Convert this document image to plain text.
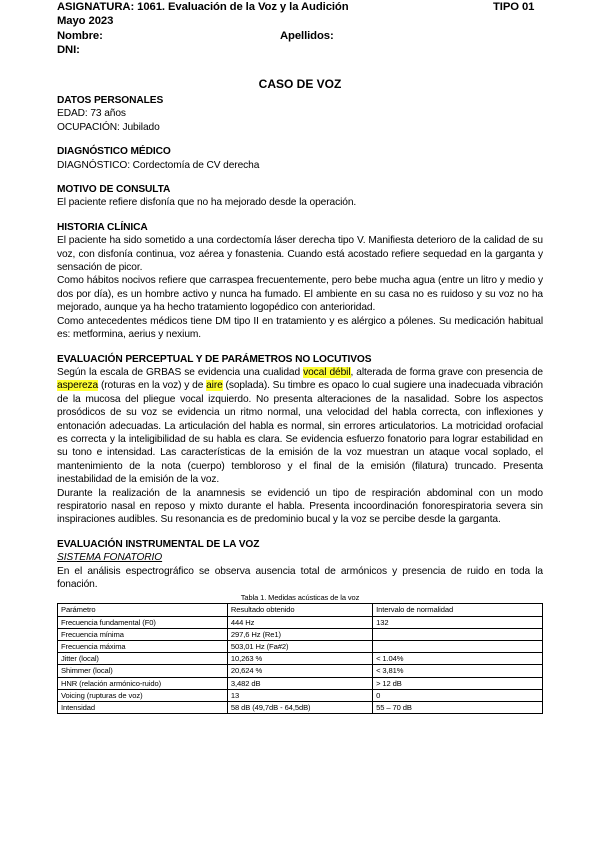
ASIGNATURA: 1061. Evaluación de la Voz y la Audición	TIPO 01
Mayo 2023
Nombre:	Apellidos:
DNI:
CASO DE VOZ
DATOS PERSONALES

EDAD: 73 años

OCUPACIÓN: Jubilado

DIAGNÓSTICO MÉDICO

DIAGNÓSTICO: Cordectomía de CV derecha

MOTIVO DE CONSULTA

El paciente refiere disfonía que no ha mejorado desde la operación.

HISTORIA CLÍNICA

El paciente ha sido sometido a una cordectomía láser derecha tipo V. Manifiesta deterioro de la calidad de su voz, con disfonía continua, voz aérea y fonastenia. Cuando está acostado refiere sequedad en la garganta y sensación de picor.

Como hábitos nocivos refiere que carraspea frecuentemente, pero bebe mucha agua (entre un litro y medio y dos por día), es un hombre activo y nunca ha fumado. El ambiente en su casa no es ruidoso y su voz no ha mejorado, aunque ya ha hecho tratamiento logopédico con anterioridad.

Como antecedentes médicos tiene DM tipo II en tratamiento y es alérgico a pólenes. Su medicación habitual es: metformina, aerius y nexium.

EVALUACIÓN PERCEPTUAL Y DE PARÁMETROS NO LOCUTIVOS

Según la escala de GRBAS se evidencia una cualidad vocal débil, alterada de forma grave con presencia de aspereza (roturas en la voz) y de aire (soplada). Su timbre es opaco lo cual sugiere una inadecuada vibración de la mucosa del pliegue vocal izquierdo. No presenta alteraciones de la nasalidad. Sobre los aspectos prosódicos de su voz se evidencia un ritmo normal, una velocidad del habla correcta, con inflexiones y entonación adecuadas. La articulación del habla es normal, sin errores articulatorios. La motricidad orofacial es correcta y la inteligibilidad de su habla es clara. Se evidencia esfuerzo fonatorio para lograr estabilidad en su tono e intensidad. Las características de la emisión de la voz muestran un ataque vocal soplado, el mantenimiento de la nota (cuerpo) tembloroso y el final de la emisión (filatura) truncado. Presenta inestabilidad de la emisión de la voz.

Durante la realización de la anamnesis se evidenció un tipo de respiración abdominal con un modo respiratorio nasal en reposo y mixto durante el habla. Presenta incoordinación fonorespiratoria severa sin inspiraciones audibles. Su resonancia es de predominio bucal y la voz se percibe desde la garganta.

EVALUACIÓN INSTRUMENTAL DE LA VOZ

SISTEMA FONATORIO

En el análisis espectrográfico se observa ausencia total de armónicos y presencia de ruido en toda la fonación.

Tabla 1. Medidas acústicas de la voz
Parámetro	Resultado obtenido	Intervalo de normalidad
Frecuencia fundamental (F0)	444 Hz	132
Frecuencia mínima	297,6 Hz (Re1)	
Frecuencia máxima	503,01 Hz (Fa#2)	
Jitter (local)	10,263 %	˂ 1.04%
Shimmer (local)	20,624 %	˂ 3,81%
HNR (relación armónico-ruido)	3,482 dB	˃ 12 dB
Voicing (rupturas de voz)	13	0
Intensidad	58 dB (49,7dB - 64,5dB)	55 – 70 dB
